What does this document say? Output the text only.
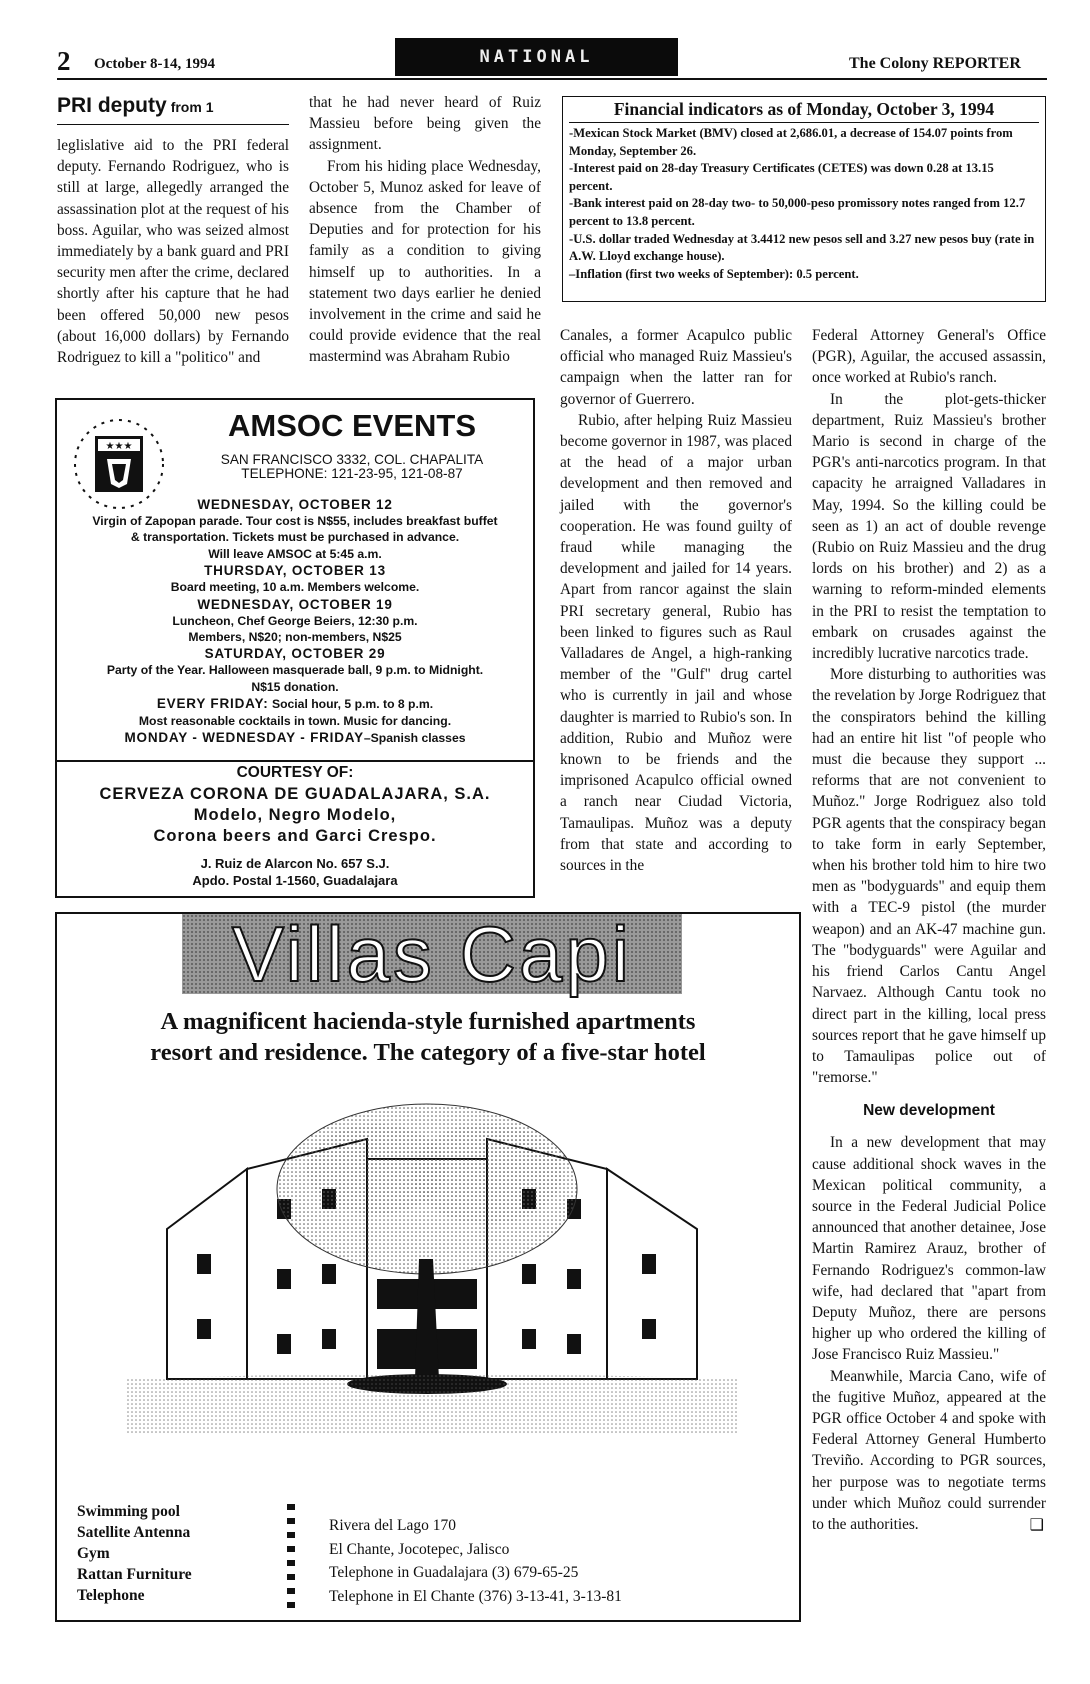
2 October 8-14, 1994	NATIONAL	The Colony REPORTER
PRI deputy from 1

leglislative aid to the PRI federal deputy. Fernando Rodriguez, who is still at large, allegedly arranged the assassination plot at the request of his boss. Aguilar, who was seized almost immediately by a bank guard and PRI security men after the crime, declared shortly after his capture that he had been offered 50,000 new pesos (about 16,000 dollars) by Fernando Rodriguez to kill a "politico" and

that he had never heard of Ruiz Massieu before being given the assignment.

From his hiding place Wednesday, October 5, Munoz asked for leave of absence from the Chamber of Deputies and for protection for his family as a condition to giving himself up to authorities. In a statement two days earlier he denied involvement in the crime and said he could provide evidence that the real mastermind was Abraham Rubio

Financial indicators as of Monday, October 3, 1994

-Mexican Stock Market (BMV) closed at 2,686.01, a decrease of 154.07 points from Monday, September 26.

-Interest paid on 28-day Treasury Certificates (CETES) was down 0.28 at 13.15 percent.

-Bank interest paid on 28-day two- to 50,000-peso promissory notes ranged from 12.7 percent to 13.8 percent.

-U.S. dollar traded Wednesday at 3.4412 new pesos sell and 3.27 new pesos buy (rate in A.W. Lloyd exchange house).

–Inflation (first two weeks of September): 0.5 percent.

Canales, a former Acapulco public official who managed Ruiz Massieu's campaign when the latter ran for governor of Guerrero.

Rubio, after helping Ruiz Massieu become governor in 1987, was placed at the head of a major urban development and then removed and jailed with the governor's cooperation. He was found guilty of fraud while managing the development and jailed for 14 years. Apart from rancor against the slain PRI secretary general, Rubio has been linked to figures such as Raul Valladares de Angel, a high-ranking member of the "Gulf" drug cartel who is currently in jail and whose daughter is married to Rubio's son. In addition, Rubio and Muñoz were known to be friends and the imprisoned Acapulco official owned a ranch near Ciudad Victoria, Tamaulipas. Muñoz was a deputy from that state and according to sources in the

Federal Attorney General's Office (PGR), Aguilar, the accused assassin, once worked at Rubio's ranch.

In the plot-gets-thicker department, Ruiz Massieu's brother Mario is second in charge of the PGR's anti-narcotics program. In that capacity he arraigned Valladares in May, 1994. So the killing could be seen as 1) an act of double revenge (Rubio on Ruiz Massieu and the drug lords on his brother) and 2) as a warning to reform-minded elements in the PRI to resist the temptation to embark on crusades against the incredibly lucrative narcotics trade.

More disturbing to authorities was the revelation by Jorge Rodriguez that the conspirators behind the killing had an entire hit list "of people who must die because they support ... reforms that are not convenient to Muñoz." Jorge Rodriguez also told PGR agents that the conspiracy began to take form in early September, when his brother told him to hire two men as "bodyguards" and equip them with a TEC-9 pistol (the murder weapon) and an AK-47 machine gun. The "bodyguards" were Aguilar and his friend Carlos Cantu Angel Narvaez. Although Cantu took no direct part in the killing, local press sources report that he gave himself up to Tamaulipas police out of "remorse."

New development

In a new development that may cause additional shock waves in the Mexican political community, a source in the Federal Judicial Police announced that another detainee, Jose Martin Ramirez Arauz, brother of Fernando Rodriguez's common-law wife, had declared that "apart from Deputy Muñoz, there are persons higher up who ordered the killing of Jose Francisco Ruiz Massieu."

Meanwhile, Marcia Cano, wife of the fugitive Muñoz, appeared at the PGR office October 4 and spoke with Federal Attorney General Humberto Treviño. According to PGR sources, her purpose was to negotiate terms under which Muñoz could surrender to the authorities.	❑
★★★
AMSOC EVENTS
SAN FRANCISCO 3332, COL. CHAPALITA
TELEPHONE: 121-23-95, 121-08-87
WEDNESDAY, OCTOBER 12
Virgin of Zapopan parade. Tour cost is N$55, includes breakfast buffet
& transportation. Tickets must be purchased in advance.
Will leave AMSOC at 5:45 a.m.
THURSDAY, OCTOBER 13
Board meeting, 10 a.m. Members welcome.
WEDNESDAY, OCTOBER 19
Luncheon, Chef George Beiers, 12:30 p.m.
Members, N$20; non-members, N$25
SATURDAY, OCTOBER 29
Party of the Year. Halloween masquerade ball, 9 p.m. to Midnight.
N$15 donation.
EVERY FRIDAY: Social hour, 5 p.m. to 8 p.m.
Most reasonable cocktails in town. Music for dancing.
MONDAY - WEDNESDAY - FRIDAY–Spanish classes
COURTESY OF:
CERVEZA CORONA DE GUADALAJARA, S.A.
Modelo, Negro Modelo,
Corona beers and Garci Crespo.
J. Ruiz de Alarcon No. 657 S.J.
Apdo. Postal 1-1560, Guadalajara
Villas Capi
A magnificent hacienda-style furnished apartments
resort and residence. The category of a five-star hotel
Swimming pool
Satellite Antenna
Gym
Rattan Furniture
Telephone
Rivera del Lago 170
El Chante, Jocotepec, Jalisco
Telephone in Guadalajara (3) 679-65-25
Telephone in El Chante (376) 3-13-41, 3-13-81
